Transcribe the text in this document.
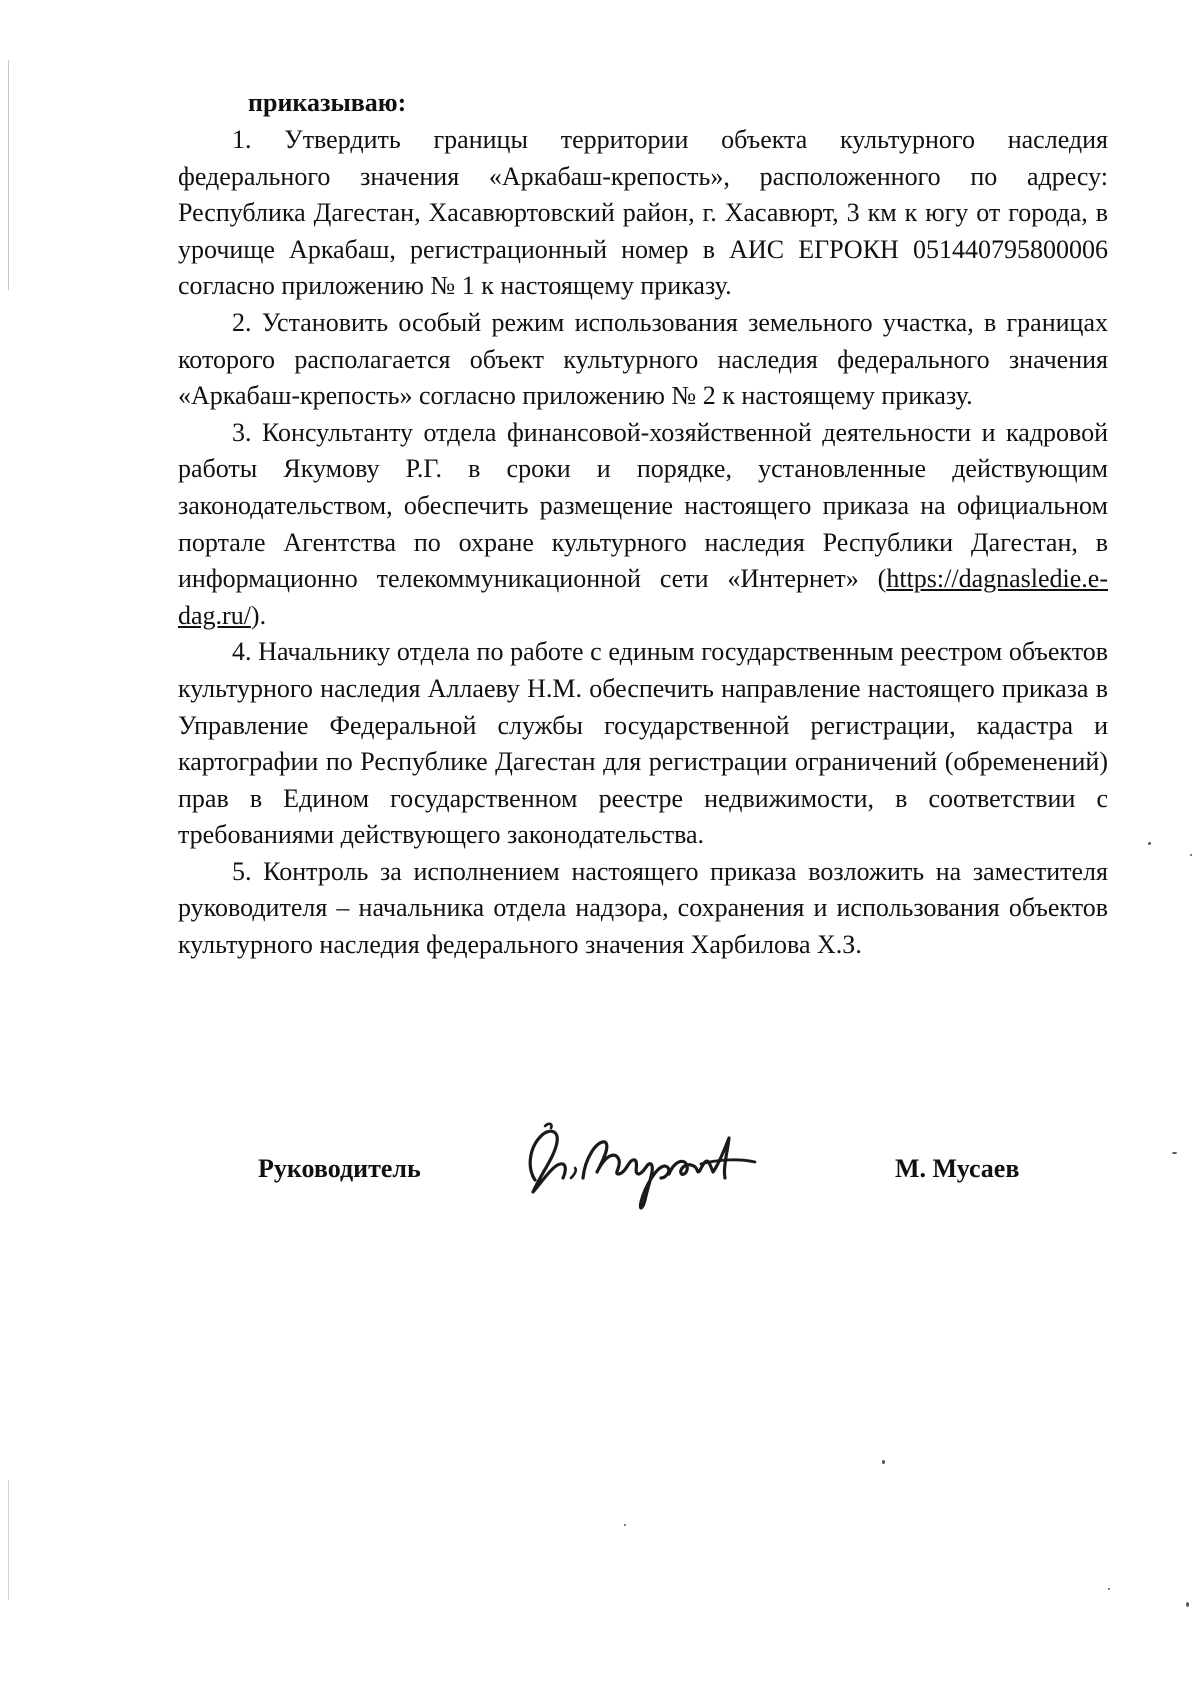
приказываю:

1. Утвердить границы территории объекта культурного наследия федерального значения «Аркабаш-крепость», расположенного по адресу: Республика Дагестан, Хасавюртовский район, г. Хасавюрт, 3 км к югу от города, в урочище Аркабаш, регистрационный номер в АИС ЕГРОКН 051440795800006 согласно приложению № 1 к настоящему приказу.

2. Установить особый режим использования земельного участка, в границах которого располагается объект культурного наследия федерального значения «Аркабаш-крепость» согласно приложению № 2 к настоящему приказу.

3. Консультанту отдела финансовой-хозяйственной деятельности и кадровой работы Якумову Р.Г. в сроки и порядке, установленные действующим законодательством, обеспечить размещение настоящего приказа на официальном портале Агентства по охране культурного наследия Республики Дагестан, в информационно телекоммуникационной сети «Интернет» (https://dagnasledie.e-dag.ru/).

4. Начальнику отдела по работе с единым государственным реестром объектов культурного наследия Аллаеву Н.М. обеспечить направление настоящего приказа в Управление Федеральной службы государственной регистрации, кадастра и картографии по Республике Дагестан для регистрации ограничений (обременений) прав в Едином государственном реестре недвижимости, в соответствии с требованиями действующего законодательства.

5. Контроль за исполнением настоящего приказа возложить на заместителя руководителя – начальника отдела надзора, сохранения и использования объектов культурного наследия федерального значения Харбилова Х.З.

Руководитель	М. Мусаев
